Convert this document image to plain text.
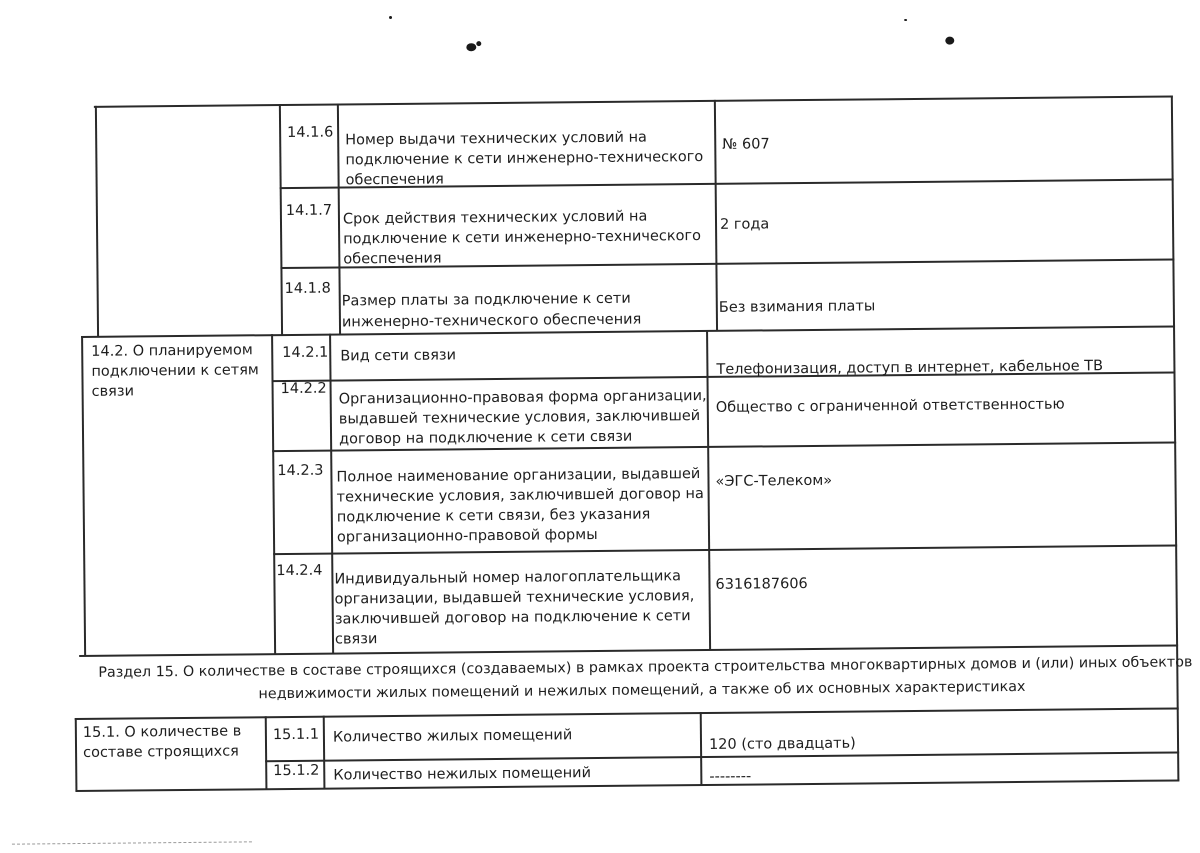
14.1.6 Номер выдачи технических условий на
подключение к сети инженерно-технического
обеспечения
№ 607
14.1.7 Срок действия технических условий на
подключение к сети инженерно-технического
обеспечения
2 года
14.1.8
Размер платы за подключение к сети
инженерно-технического обеспечения
Без взимания платы
14.2. О планируемом
подключении к сетям
связи
14.2.1 Вид сети связи
Телефонизация, доступ в интернет, кабельное ТВ
14.2.2 Организационно-правовая форма организации,
выдавшей технические условия, заключившей
договор на подключение к сети связи
Общество с ограниченной ответственностью
14.2.3 Полное наименование организации, выдавшей
технические условия, заключившей договор на
подключение к сети связи, без указания
организационно-правовой формы
«ЭГС-Телеком»
14.2.4 Индивидуальный номер налогоплательщика
организации, выдавшей технические условия,
заключившей договор на подключение к сети
связи
6316187606
Раздел 15. О количестве в составе строящихся (создаваемых) в рамках проекта строительства многоквартирных домов и (или) иных объектов
недвижимости жилых помещений и нежилых помещений, а также об их основных характеристиках
15.1. О количестве в
составе строящихся
15.1.1 Количество жилых помещений	120 (сто двадцать)
15.1.2 Количество нежилых помещений	--------
